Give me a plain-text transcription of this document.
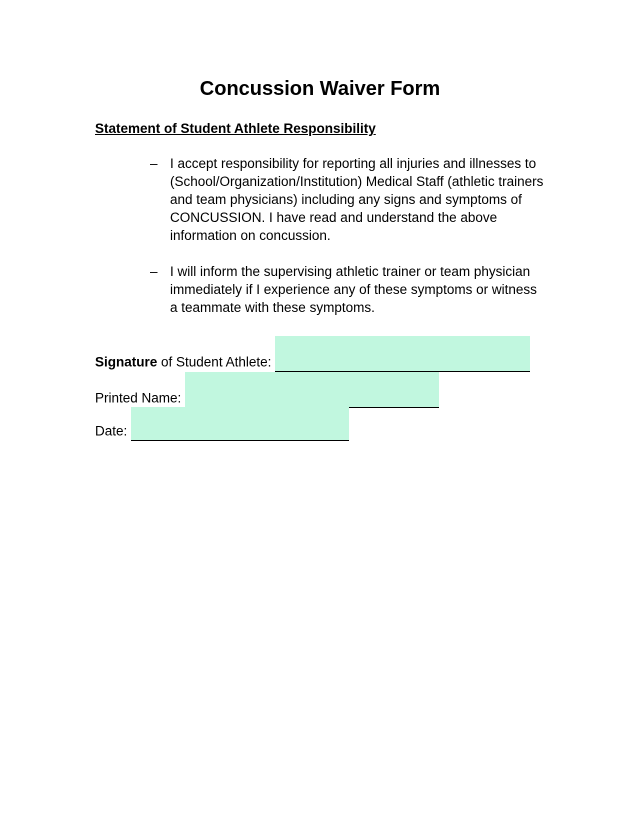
Concussion Waiver Form
Statement of Student Athlete Responsibility
– I accept responsibility for reporting all injuries and illnesses to (School/Organization/Institution) Medical Staff (athletic trainers and team physicians) including any signs and symptoms of CONCUSSION. I have read and understand the above information on concussion.
– I will inform the supervising athletic trainer or team physician immediately if I experience any of these symptoms or witness a teammate with these symptoms.
Signature of Student Athlete:
Printed Name:
Date:
